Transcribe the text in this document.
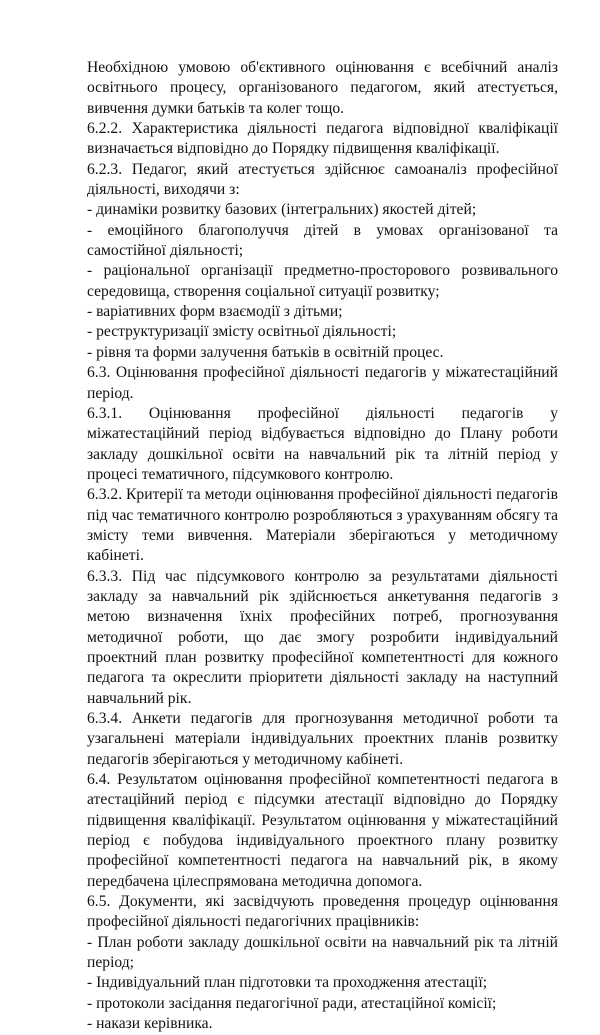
Необхідною умовою об'єктивного оцінювання є всебічний аналіз освітнього процесу, організованого педагогом, який атестується, вивчення думки батьків та колег тощо.

6.2.2. Характеристика діяльності педагога відповідної кваліфікації визначається відповідно до Порядку підвищення кваліфікації.

6.2.3. Педагог, який атестується здійснює самоаналіз професійної діяльності, виходячи з:

- динаміки розвитку базових (інтегральних) якостей дітей;

- емоційного благополуччя дітей в умовах організованої та самостійної діяльності;

- раціональної організації предметно-просторового розвивального середовища, створення соціальної ситуації розвитку;

- варіативних форм взаємодії з дітьми;

- реструктуризації змісту освітньої діяльності;

- рівня та форми залучення батьків в освітній процес.

6.3. Оцінювання професійної діяльності педагогів у міжатестаційний період.

6.3.1. Оцінювання професійної діяльності педагогів у міжатестаційний період відбувається відповідно до Плану роботи закладу дошкільної освіти на навчальний рік та літній період у процесі тематичного, підсумкового контролю.

6.3.2. Критерії та методи оцінювання професійної діяльності педагогів під час тематичного контролю розробляються з урахуванням обсягу та змісту теми вивчення. Матеріали зберігаються у методичному кабінеті.

6.3.3. Під час підсумкового контролю за результатами діяльності закладу за навчальний рік здійснюється анкетування педагогів з метою визначення їхніх професійних потреб, прогнозування методичної роботи, що дає змогу розробити індивідуальний проектний план розвитку професійної компетентності для кожного педагога та окреслити пріоритети діяльності закладу на наступний навчальний рік.

6.3.4. Анкети педагогів для прогнозування методичної роботи та узагальнені матеріали індивідуальних проектних планів розвитку педагогів зберігаються у методичному кабінеті.

6.4. Результатом оцінювання професійної компетентності педагога в атестаційний період є підсумки атестації відповідно до Порядку підвищення кваліфікації. Результатом оцінювання у міжатестаційний період є побудова індивідуального проектного плану розвитку професійної компетентності педагога на навчальний рік, в якому передбачена цілеспрямована методична допомога.

6.5. Документи, які засвідчують проведення процедур оцінювання професійної діяльності педагогічних працівників:

- План роботи закладу дошкільної освіти на навчальний рік та літній період;

- Індивідуальний план підготовки та проходження атестації;

- протоколи засідання педагогічної ради, атестаційної комісії;

- накази керівника.
